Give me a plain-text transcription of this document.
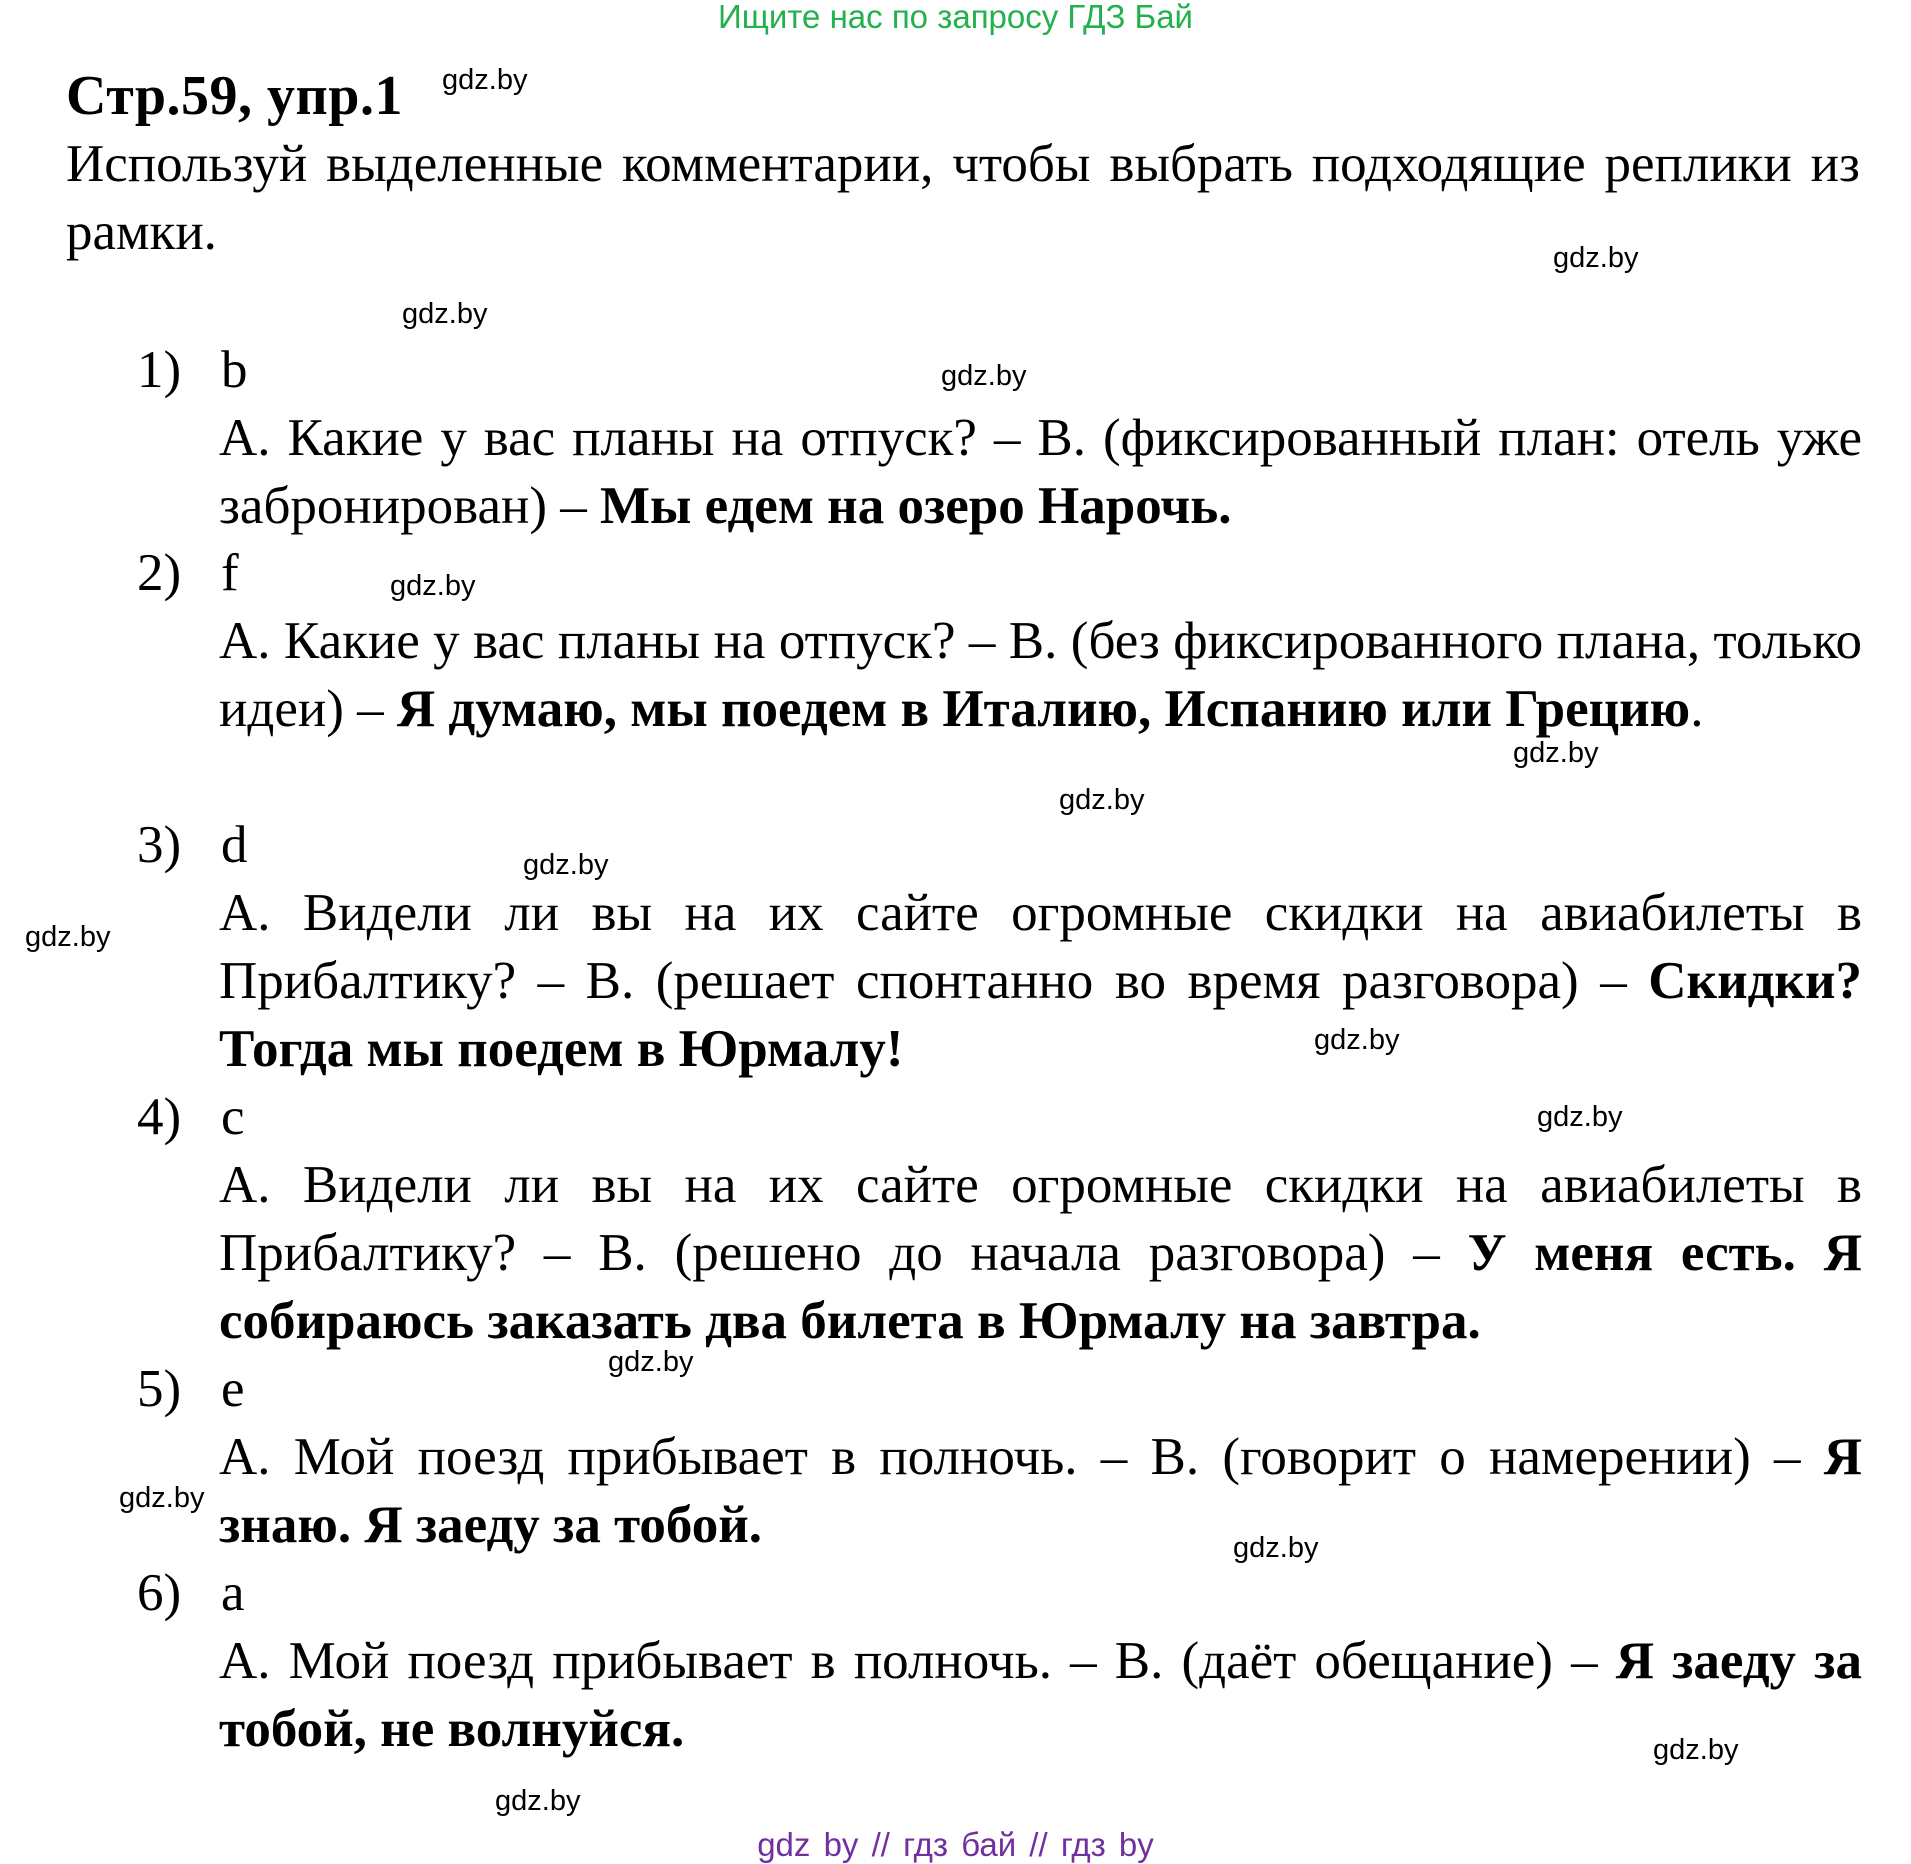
Ищите нас по запросу ГДЗ Бай
Стр.59, упр.1
Используй выделенные комментарии, чтобы выбрать подходящие реплики из рамки.
1) b
А. Какие у вас планы на отпуск? – В. (фиксированный план: отель уже забронирован) – Мы едем на озеро Нарочь.
2) f
А. Какие у вас планы на отпуск? – В. (без фиксированного плана, только идеи) – Я думаю, мы поедем в Италию, Испанию или Грецию.
3) d
А. Видели ли вы на их сайте огромные скидки на авиабилеты в Прибалтику? – В. (решает спонтанно во время разговора) – Скидки? Тогда мы поедем в Юрмалу!
4) c
А. Видели ли вы на их сайте огромные скидки на авиабилеты в Прибалтику? – В. (решено до начала разговора) – У меня есть. Я собираюсь заказать два билета в Юрмалу на завтра.
5) e
А. Мой поезд прибывает в полночь. – В. (говорит о намерении) – Я знаю. Я заеду за тобой.
6) a
А. Мой поезд прибывает в полночь. – В. (даёт обещание) – Я заеду за тобой, не волнуйся.
gdz.by
gdz.by
gdz.by
gdz.by
gdz.by
gdz.by
gdz.by
gdz.by
gdz.by
gdz.by
gdz.by
gdz.by
gdz.by
gdz.by
gdz.by
gdz.by
gdz by // гдз бай // гдз by
